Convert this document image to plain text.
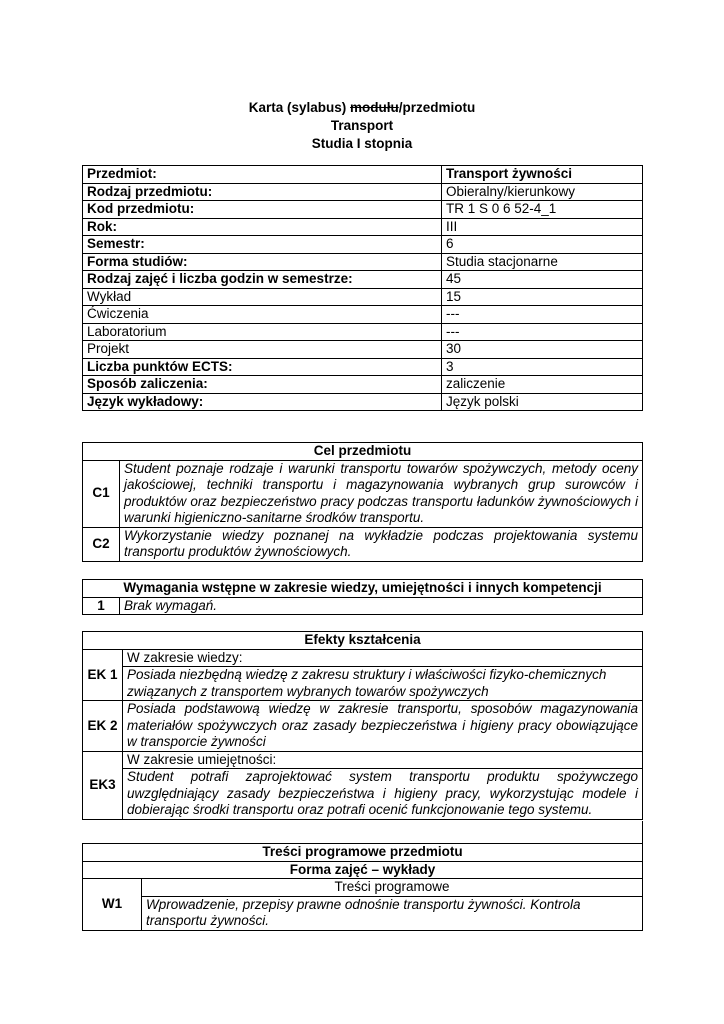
Karta (sylabus) modułu/przedmiotu
Transport
Studia I stopnia
Przedmiot:	Transport żywności
Rodzaj przedmiotu:	Obieralny/kierunkowy
Kod przedmiotu:	TR 1 S 0 6 52-4_1
Rok:	III
Semestr:	6
Forma studiów:	Studia stacjonarne
Rodzaj zajęć i liczba godzin w semestrze:	45
Wykład	15
Ćwiczenia	---
Laboratorium	---
Projekt	30
Liczba punktów ECTS:	3
Sposób zaliczenia:	zaliczenie
Język wykładowy:	Język polski
Cel przedmiotu	
C1	Student poznaje rodzaje i warunki transportu towarów spożywczych, metody oceny jakościowej, techniki transportu i magazynowania wybranych grup surowców i produktów oraz bezpieczeństwo pracy podczas transportu ładunków żywnościowych i warunki higieniczno-sanitarne środków transportu.
C2	Wykorzystanie wiedzy poznanej na wykładzie podczas projektowania systemu transportu produktów żywnościowych.
Wymagania wstępne w zakresie wiedzy, umiejętności i innych kompetencji
1	Brak wymagań.
Efekty kształcenia	
EK 1	W zakresie wiedzy:
	Posiada niezbędną wiedzę z zakresu struktury i właściwości fizyko-chemicznych związanych z transportem wybranych towarów spożywczych
EK 2	Posiada podstawową wiedzę w zakresie transportu, sposobów magazynowania materiałów spożywczych oraz zasady bezpieczeństwa i higieny pracy obowiązujące w transporcie żywności
EK3	W zakresie umiejętności:
	Student potrafi zaprojektować system transportu produktu spożywczego uwzględniający zasady bezpieczeństwa i higieny pracy, wykorzystując modele i dobierając środki transportu oraz potrafi ocenić funkcjonowanie tego systemu.
Treści programowe przedmiotu
Forma zajęć – wykłady
W1	Treści programowe
Wprowadzenie, przepisy prawne odnośnie transportu żywności. Kontrola transportu żywności.
